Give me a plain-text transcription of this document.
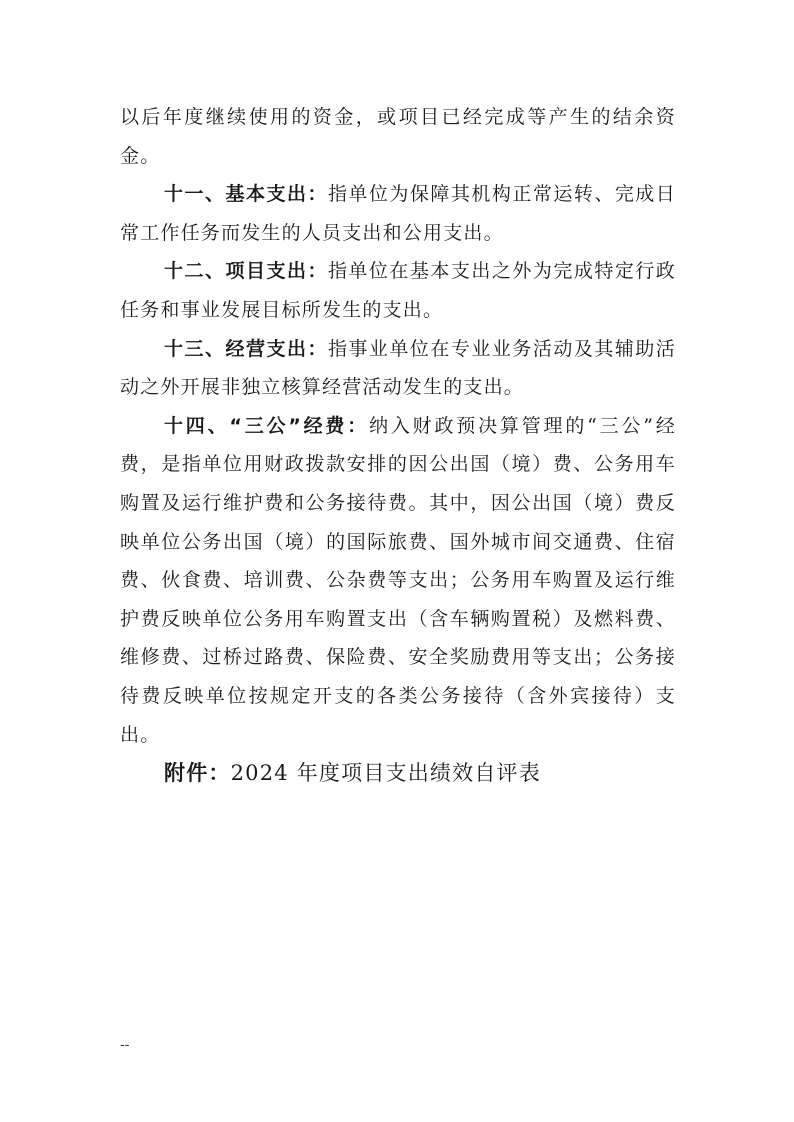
以后年度继续使用的资金，或项目已经完成等产生的结余资金。

十一、基本支出：指单位为保障其机构正常运转、完成日常工作任务而发生的人员支出和公用支出。

十二、项目支出：指单位在基本支出之外为完成特定行政任务和事业发展目标所发生的支出。

十三、经营支出：指事业单位在专业业务活动及其辅助活动之外开展非独立核算经营活动发生的支出。

十四、“三公”经费：纳入财政预决算管理的“三公”经费，是指单位用财政拨款安排的因公出国（境）费、公务用车购置及运行维护费和公务接待费。其中，因公出国（境）费反映单位公务出国（境）的国际旅费、国外城市间交通费、住宿费、伙食费、培训费、公杂费等支出；公务用车购置及运行维护费反映单位公务用车购置支出（含车辆购置税）及燃料费、维修费、过桥过路费、保险费、安全奖励费用等支出；公务接待费反映单位按规定开支的各类公务接待（含外宾接待）支出。

附件：2024 年度项目支出绩效自评表

--
